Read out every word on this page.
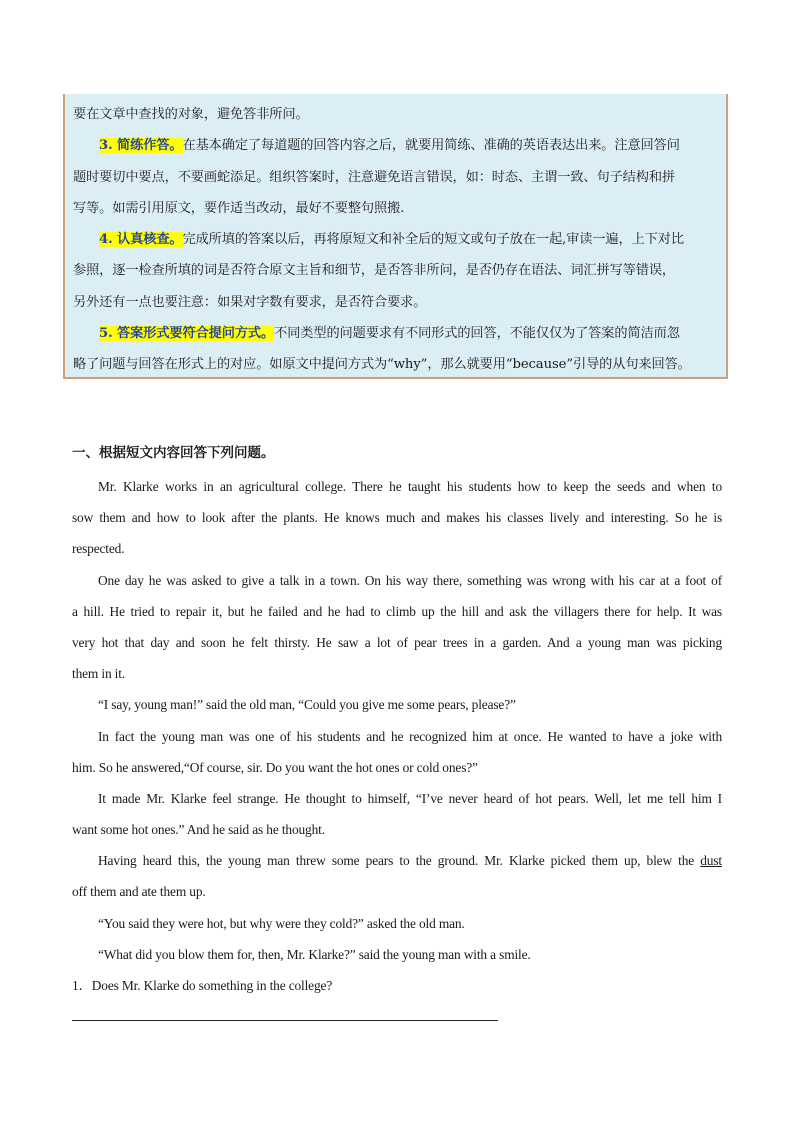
要在文章中查找的对象，避免答非所问。
3. 简练作答。在基本确定了每道题的回答内容之后，就要用简练、准确的英语表达出来。注意回答问
题时要切中要点，不要画蛇添足。组织答案时，注意避免语言错误，如：时态、主谓一致、句子结构和拼
写等。如需引用原文，要作适当改动，最好不要整句照搬.
4. 认真核查。完成所填的答案以后，再将原短文和补全后的短文或句子放在一起,审读一遍，上下对比
参照，逐一检查所填的词是否符合原文主旨和细节，是否答非所问，是否仍存在语法、词汇拼写等错误，
另外还有一点也要注意：如果对字数有要求，是否符合要求。
5. 答案形式要符合提问方式。不同类型的问题要求有不同形式的回答，不能仅仅为了答案的简洁而忽
略了问题与回答在形式上的对应。如原文中提问方式为“why”，那么就要用“because”引导的从句来回答。
一、根据短文内容回答下列问题。
Mr. Klarke works in an agricultural college. There he taught his students how to keep the seeds and when to
sow them and how to look after the plants. He knows much and makes his classes lively and interesting. So he is
respected.
One day he was asked to give a talk in a town. On his way there, something was wrong with his car at a foot of
a hill. He tried to repair it, but he failed and he had to climb up the hill and ask the villagers there for help. It was
very hot that day and soon he felt thirsty. He saw a lot of pear trees in a garden. And a young man was picking
them in it.
“I say, young man!” said the old man, “Could you give me some pears, please?”
In fact the young man was one of his students and he recognized him at once. He wanted to have a joke with
him. So he answered,“Of course, sir. Do you want the hot ones or cold ones?”
It made Mr. Klarke feel strange. He thought to himself, “I’ve never heard of hot pears. Well, let me tell him I
want some hot ones.” And he said as he thought.
Having heard this, the young man threw some pears to the ground. Mr. Klarke picked them up, blew the dust
off them and ate them up.
“You said they were hot, but why were they cold?” asked the old man.
“What did you blow them for, then, Mr. Klarke?” said the young man with a smile.
1．Does Mr. Klarke do something in the college?
